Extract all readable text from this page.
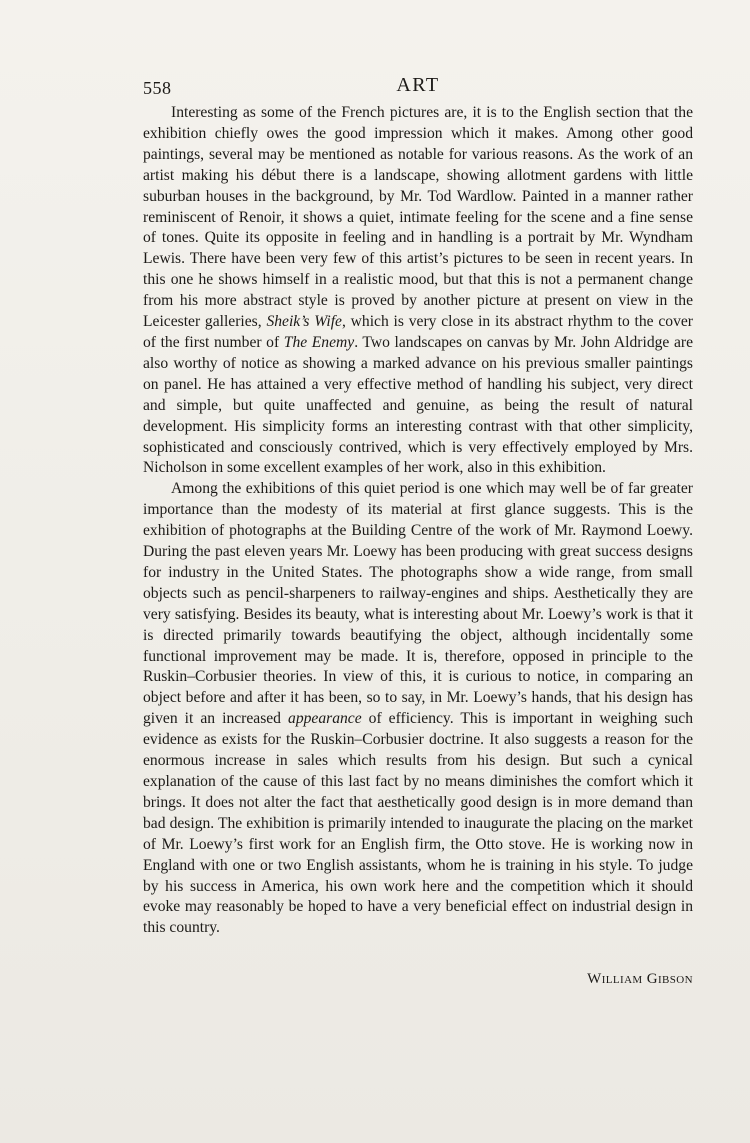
558	ART

Interesting as some of the French pictures are, it is to the English section that the exhibition chiefly owes the good impression which it makes. Among other good paintings, several may be mentioned as notable for various reasons. As the work of an artist making his début there is a landscape, showing allotment gardens with little suburban houses in the background, by Mr. Tod Wardlow. Painted in a manner rather reminiscent of Renoir, it shows a quiet, intimate feeling for the scene and a fine sense of tones. Quite its opposite in feeling and in handling is a portrait by Mr. Wyndham Lewis. There have been very few of this artist’s pictures to be seen in recent years. In this one he shows himself in a realistic mood, but that this is not a permanent change from his more abstract style is proved by another picture at present on view in the Leicester galleries, Sheik’s Wife, which is very close in its abstract rhythm to the cover of the first number of The Enemy. Two landscapes on canvas by Mr. John Aldridge are also worthy of notice as showing a marked advance on his previous smaller paintings on panel. He has attained a very effective method of handling his subject, very direct and simple, but quite unaffected and genuine, as being the result of natural development. His simplicity forms an interesting contrast with that other simplicity, sophisticated and consciously contrived, which is very effectively employed by Mrs. Nicholson in some excellent examples of her work, also in this exhibition.

Among the exhibitions of this quiet period is one which may well be of far greater importance than the modesty of its material at first glance suggests. This is the exhibition of photographs at the Building Centre of the work of Mr. Raymond Loewy. During the past eleven years Mr. Loewy has been producing with great success designs for industry in the United States. The photographs show a wide range, from small objects such as pencil-sharpeners to railway-engines and ships. Aesthetically they are very satisfying. Besides its beauty, what is interesting about Mr. Loewy’s work is that it is directed primarily towards beautifying the object, although incidentally some functional improvement may be made. It is, therefore, opposed in principle to the Ruskin–Corbusier theories. In view of this, it is curious to notice, in comparing an object before and after it has been, so to say, in Mr. Loewy’s hands, that his design has given it an increased appearance of efficiency. This is important in weighing such evidence as exists for the Ruskin–Corbusier doctrine. It also suggests a reason for the enormous increase in sales which results from his design. But such a cynical explanation of the cause of this last fact by no means diminishes the comfort which it brings. It does not alter the fact that aesthetically good design is in more demand than bad design. The exhibition is primarily intended to inaugurate the placing on the market of Mr. Loewy’s first work for an English firm, the Otto stove. He is working now in England with one or two English assistants, whom he is training in his style. To judge by his success in America, his own work here and the competition which it should evoke may reasonably be hoped to have a very beneficial effect on industrial design in this country.

William Gibson
